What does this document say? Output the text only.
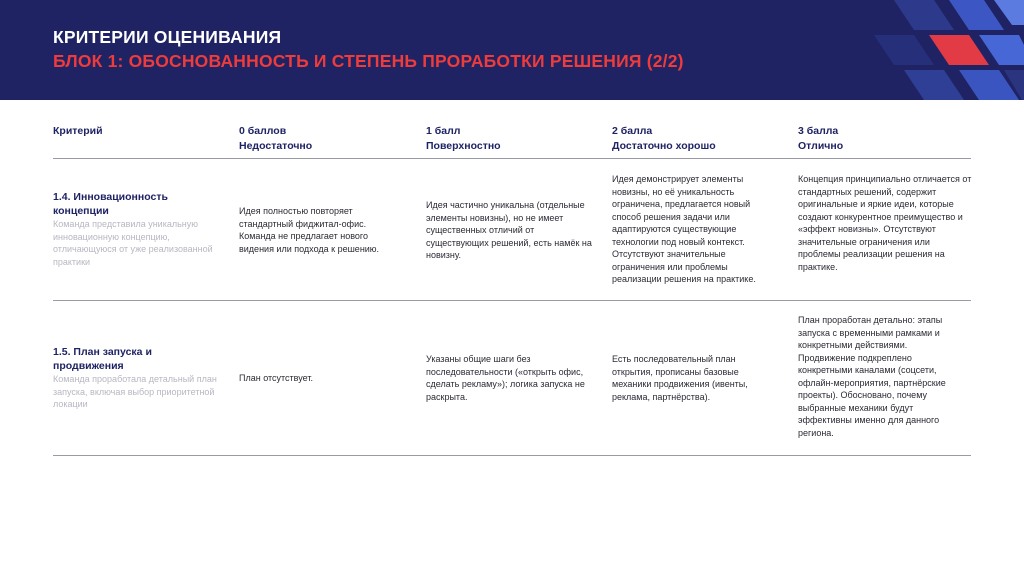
КРИТЕРИИ ОЦЕНИВАНИЯ
БЛОК 1: ОБОСНОВАННОСТЬ И СТЕПЕНЬ ПРОРАБОТКИ РЕШЕНИЯ (2/2)
Критерий	0 баллов
Недостаточно
1 балл
Поверхностно
2 балла
Достаточно хорошо
3 балла
Отлично
1.4. Инновационность концепции
Команда представила уникальную инновационную концепцию, отличающуюся от уже реализованной практики
Идея полностью повторяет стандартный фиджитал-офис. Команда не предлагает нового видения или подхода к решению.
Идея частично уникальна (отдельные элементы новизны), но не имеет существенных отличий от существующих решений, есть намёк на новизну.
Идея демонстрирует элементы новизны, но её уникальность ограничена, предлагается новый способ решения задачи или адаптируются существующие технологии под новый контекст. Отсутствуют значительные ограничения или проблемы реализации решения на практике.
Концепция принципиально отличается от стандартных решений, содержит оригинальные и яркие идеи, которые создают конкурентное преимущество и «эффект новизны». Отсутствуют значительные ограничения или проблемы реализации решения на практике.
1.5. План запуска и продвижения
Команда проработала детальный план запуска, включая выбор приоритетной локации
План отсутствует.
Указаны общие шаги без последовательности («открыть офис, сделать рекламу»); логика запуска не раскрыта.
Есть последовательный план открытия, прописаны базовые механики продвижения (ивенты, реклама, партнёрства).
План проработан детально: этапы запуска с временными рамками и конкретными действиями. Продвижение подкреплено конкретными каналами (соцсети, офлайн-мероприятия, партнёрские проекты). Обосновано, почему выбранные механики будут эффективны именно для данного региона.
